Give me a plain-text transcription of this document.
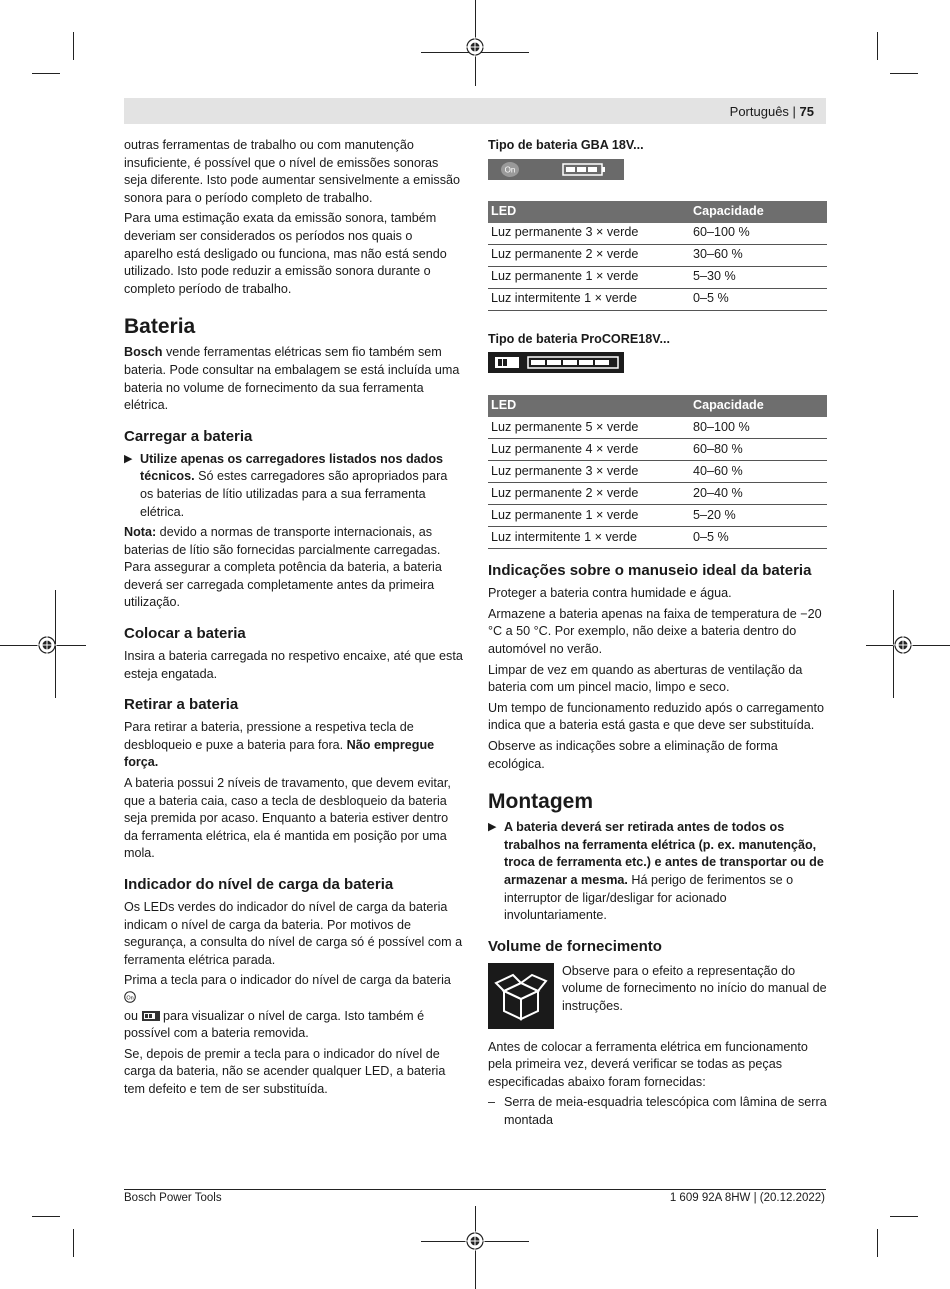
Português | 75

outras ferramentas de trabalho ou com manutenção insuficiente, é possível que o nível de emissões sonoras seja diferente. Isto pode aumentar sensivelmente a emissão sonora para o período completo de trabalho.

Para uma estimação exata da emissão sonora, também deveriam ser considerados os períodos nos quais o aparelho está desligado ou funciona, mas não está sendo utilizado. Isto pode reduzir a emissão sonora durante o completo período de trabalho.

Bateria

Bosch vende ferramentas elétricas sem fio também sem bateria. Pode consultar na embalagem se está incluída uma bateria no volume de fornecimento da sua ferramenta elétrica.

Carregar a bateria
▶ Utilize apenas os carregadores listados nos dados técnicos. Só estes carregadores são apropriados para os baterias de lítio utilizadas para a sua ferramenta elétrica.

Nota: devido a normas de transporte internacionais, as baterias de lítio são fornecidas parcialmente carregadas. Para assegurar a completa potência da bateria, a bateria deverá ser carregada completamente antes da primeira utilização.

Colocar a bateria

Insira a bateria carregada no respetivo encaixe, até que esta esteja engatada.

Retirar a bateria

Para retirar a bateria, pressione a respetiva tecla de desbloqueio e puxe a bateria para fora. Não empregue força.

A bateria possui 2 níveis de travamento, que devem evitar, que a bateria caia, caso a tecla de desbloqueio da bateria seja premida por acaso. Enquanto a bateria estiver dentro da ferramenta elétrica, ela é mantida em posição por uma mola.

Indicador do nível de carga da bateria

Os LEDs verdes do indicador do nível de carga da bateria indicam o nível de carga da bateria. Por motivos de segurança, a consulta do nível de carga só é possível com a ferramenta elétrica parada.

Prima a tecla para o indicador do nível de carga da bateria
On

ou  para visualizar o nível de carga. Isto também é possível com a bateria removida.

Se, depois de premir a tecla para o indicador do nível de carga da bateria, não se acender qualquer LED, a bateria tem defeito e tem de ser substituída.

Tipo de bateria GBA 18V...
On
LED	Capacidade
Luz permanente 3 × verde	60–100 %
Luz permanente 2 × verde	30–60 %
Luz permanente 1 × verde	5–30 %
Luz intermitente 1 × verde	0–5 %
Tipo de bateria ProCORE18V...
LED	Capacidade
Luz permanente 5 × verde	80–100 %
Luz permanente 4 × verde	60–80 %
Luz permanente 3 × verde	40–60 %
Luz permanente 2 × verde	20–40 %
Luz permanente 1 × verde	5–20 %
Luz intermitente 1 × verde	0–5 %
Indicações sobre o manuseio ideal da bateria

Proteger a bateria contra humidade e água.

Armazene a bateria apenas na faixa de temperatura de −20 °C a 50 °C. Por exemplo, não deixe a bateria dentro do automóvel no verão.

Limpar de vez em quando as aberturas de ventilação da bateria com um pincel macio, limpo e seco.

Um tempo de funcionamento reduzido após o carregamento indica que a bateria está gasta e que deve ser substituída.

Observe as indicações sobre a eliminação de forma ecológica.

Montagem
▶ A bateria deverá ser retirada antes de todos os trabalhos na ferramenta elétrica (p. ex. manutenção, troca de ferramenta etc.) e antes de transportar ou de armazenar a mesma. Há perigo de ferimentos se o interruptor de ligar/desligar for acionado involuntariamente.
Volume de fornecimento
Observe para o efeito a representação do volume de fornecimento no início do manual de instruções.

Antes de colocar a ferramenta elétrica em funcionamento pela primeira vez, deverá verificar se todas as peças especificadas abaixo foram fornecidas:

– Serra de meia-esquadria telescópica com lâmina de serra montada
Bosch Power Tools	1 609 92A 8HW | (20.12.2022)
